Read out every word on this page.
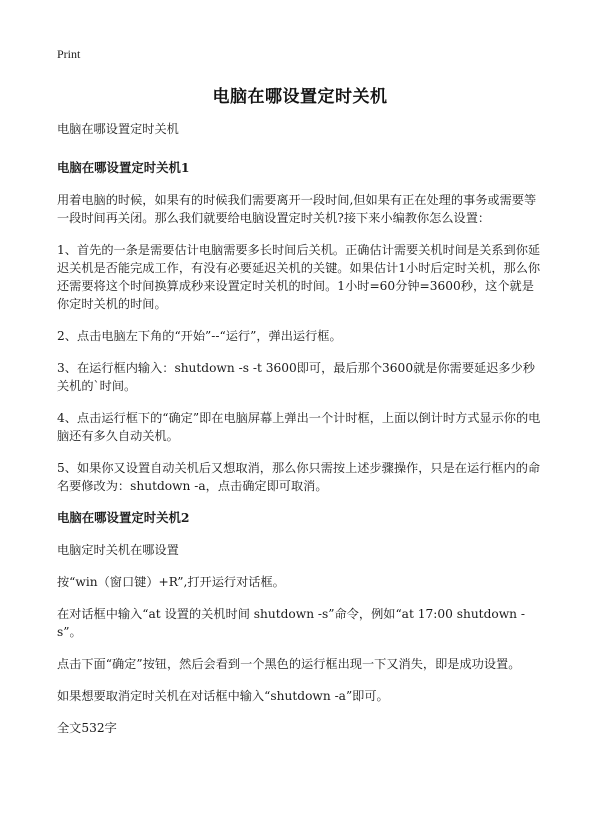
Print
电脑在哪设置定时关机

电脑在哪设置定时关机

电脑在哪设置定时关机1

用着电脑的时候，如果有的时候我们需要离开一段时间,但如果有正在处理的事务或需要等一段时间再关闭。那么我们就要给电脑设置定时关机?接下来小编教你怎么设置：

1、首先的一条是需要估计电脑需要多长时间后关机。正确估计需要关机时间是关系到你延迟关机是否能完成工作，有没有必要延迟关机的关键。如果估计1小时后定时关机，那么你还需要将这个时间换算成秒来设置定时关机的时间。1小时=60分钟=3600秒，这个就是你定时关机的时间。

2、点击电脑左下角的“开始”--“运行”，弹出运行框。

3、在运行框内输入：shutdown -s -t 3600即可，最后那个3600就是你需要延迟多少秒关机的`时间。

4、点击运行框下的“确定”即在电脑屏幕上弹出一个计时框，上面以倒计时方式显示你的电脑还有多久自动关机。

5、如果你又设置自动关机后又想取消，那么你只需按上述步骤操作，只是在运行框内的命名要修改为：shutdown -a，点击确定即可取消。

电脑在哪设置定时关机2

电脑定时关机在哪设置

按“win（窗口键）+R”,打开运行对话框。

在对话框中输入“at 设置的关机时间 shutdown -s”命令，例如“at 17:00 shutdown -s”。

点击下面“确定”按钮，然后会看到一个黑色的运行框出现一下又消失，即是成功设置。

如果想要取消定时关机在对话框中输入“shutdown -a”即可。

全文532字
